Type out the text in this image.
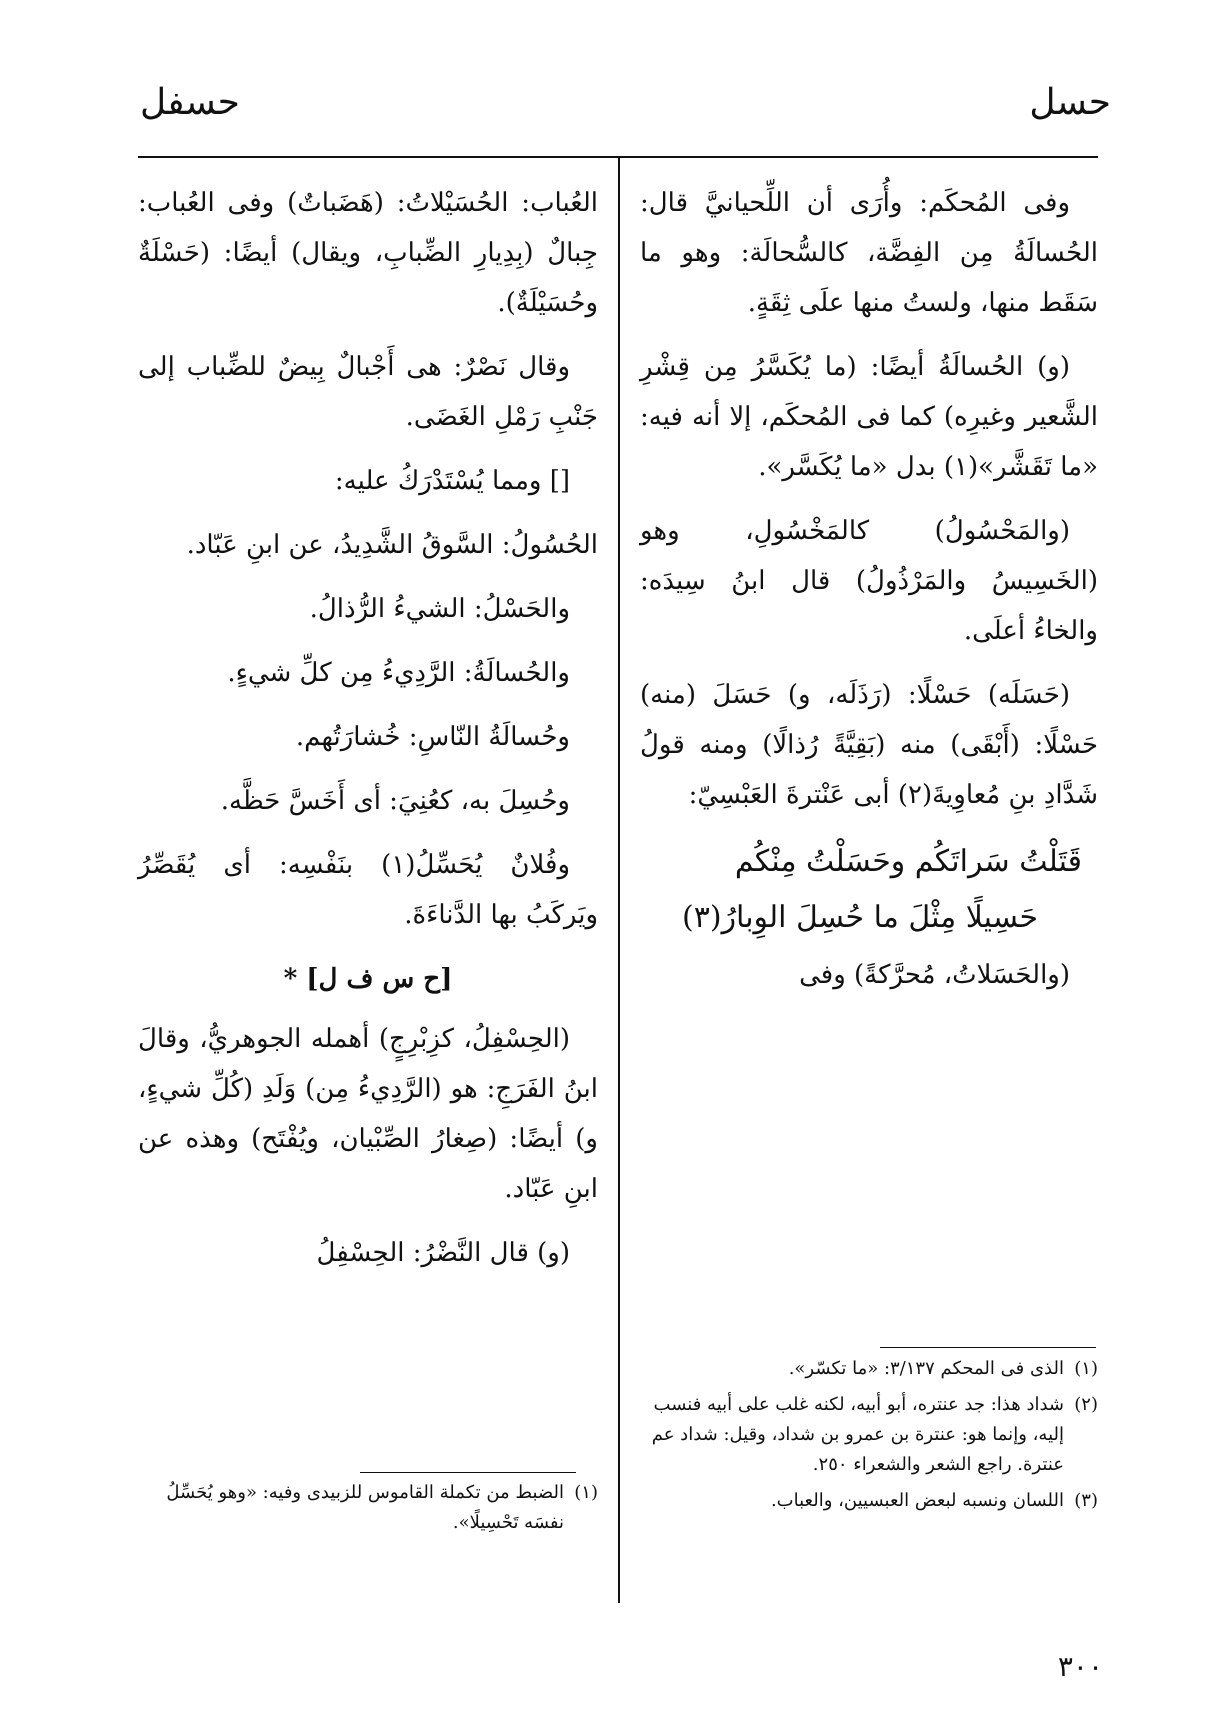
حسل
حسفل

وفى المُحكَم: وأُرَى أن اللِّحيانيَّ قال: الحُسالَةُ مِن الفِضَّة، كالسُّحالَة: وهو ما سَقَط منها، ولستُ منها علَى ثِقَةٍ.

(و) الحُسالَةُ أيضًا: (ما يُكَسَّرُ مِن قِشْرِ الشَّعير وغيرِه) كما فى المُحكَم، إلا أنه فيه: «ما تَقَشَّر»(١) بدل «ما يُكَسَّر».

(والمَحْسُولُ) كالمَخْسُولِ، وهو (الخَسِيسُ والمَرْذُولُ) قال ابنُ سِيدَه: والخاءُ أعلَى.

(حَسَلَه) حَسْلًا: (رَذَلَه، و) حَسَلَ (منه) حَسْلًا: (أَبْقَى) منه (بَقِيَّةً رُذالًا) ومنه قولُ شَدَّادِ بنِ مُعاوِيةَ(٢) أبى عَنْترةَ العَبْسِيّ:

قَتَلْتُ سَراتَكُم وحَسَلْتُ مِنْكُم
حَسِيلًا مِثْلَ ما حُسِلَ الوِبارُ(٣)

(والحَسَلاتُ، مُحرَّكةً) وفى

العُباب: الحُسَيْلاتُ: (هَضَباتٌ) وفى العُباب: جِبالٌ (بِدِيارِ الضِّبابِ، ويقال) أيضًا: (حَسْلَةٌ وحُسَيْلَةٌ).

وقال نَصْرٌ: هى أَجْبالٌ بِيضٌ للضِّباب إلى جَنْبِ رَمْلِ الغَضَى.

[] ومما يُسْتَدْرَكُ عليه:

الحُسُولُ: السَّوقُ الشَّدِيدُ، عن ابنِ عَبّاد.

والحَسْلُ: الشيءُ الرُّذالُ.

والحُسالَةُ: الرَّدِيءُ مِن كلِّ شيءٍ.

وحُسالَةُ النّاسِ: خُشارَتُهم.

وحُسِلَ به، كعُنِيَ: أى أَخَسَّ حَظَّه.

وفُلانٌ يُحَسِّلُ(١) بنَفْسِه: أى يُقَصِّرُ ويَركَبُ بها الدَّناءَةَ.

[ح س ف ل] *

(الحِسْفِلُ، كزِبْرِجٍ) أهمله الجوهريُّ، وقالَ ابنُ الفَرَجِ: هو (الرَّدِيءُ مِن) وَلَدِ (كُلِّ شيءٍ، و) أيضًا: (صِغارُ الصِّبْيان، ويُفْتَح) وهذه عن ابنِ عَبّاد.

(و) قال النَّضْرُ: الحِسْفِلُ

(١)الذى فى المحكم ٣/١٣٧: «ما تكسّر».

(٢)شداد هذا: جد عنتره، أبو أبيه، لكنه غلب على أبيه فنسب إليه، وإنما هو: عنترة بن عمرو بن شداد، وقيل: شداد عم عنترة. راجع الشعر والشعراء ٢٥٠.

(٣)اللسان ونسبه لبعض العبسيين، والعباب.

(١)الضبط من تكملة القاموس للزبيدى وفيه: «وهو يُحَسِّلُ نفسَه تَحْسِيلًا».

٣٠٠
